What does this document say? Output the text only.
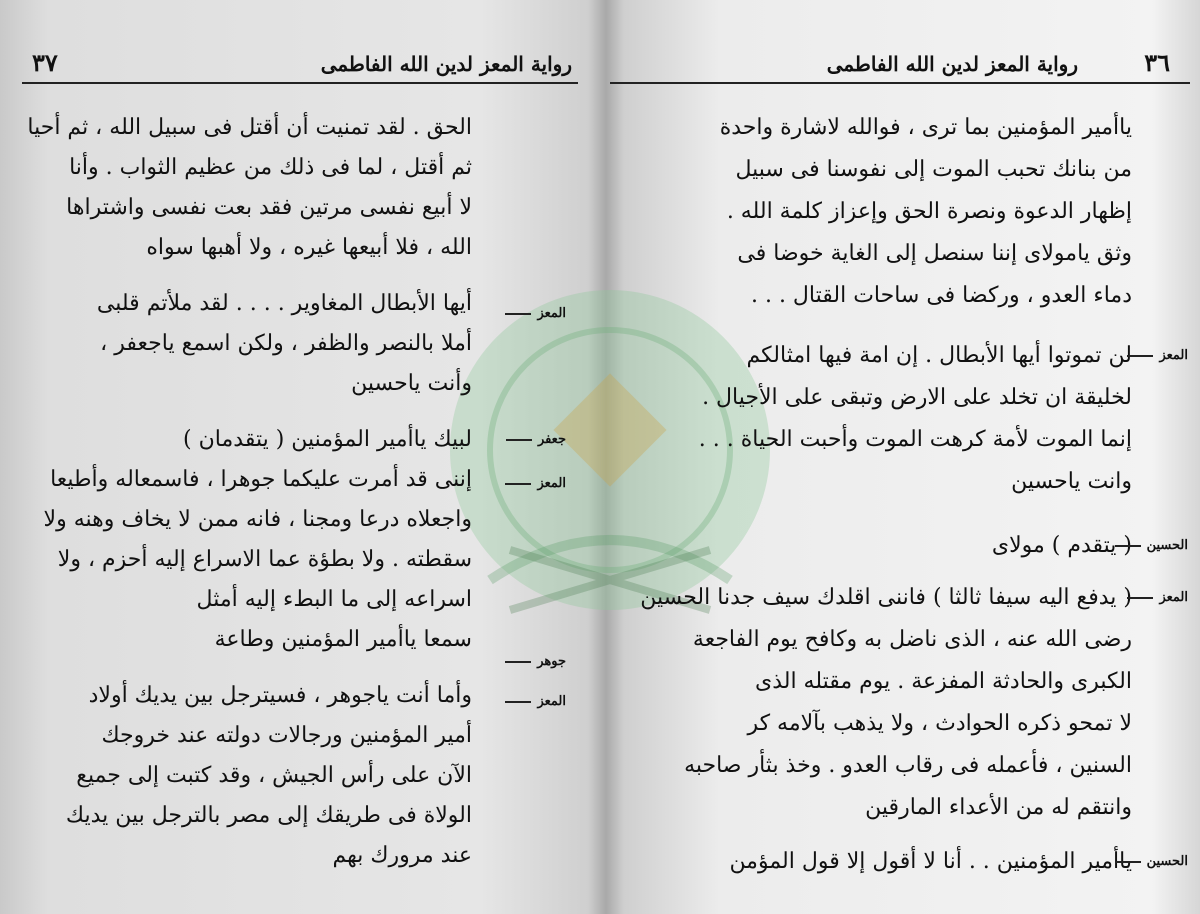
رواية المعز لدين الله الفاطمى
٣٧
الحق . لقد تمنيت أن أقتل فى سبيل الله ، ثم أحيا
ثم أقتل ، لما فى ذلك من عظيم الثواب . وأنا
لا أبيع نفسى مرتين فقد بعت نفسى واشتراها
الله ، فلا أبيعها غيره ، ولا أهبها سواه
أيها الأبطال المغاوير . . . . لقد ملأتم قلبى
أملا بالنصر والظفر ، ولكن اسمع ياجعفر ،
وأنت ياحسين
لبيك ياأمير المؤمنين ( يتقدمان )
إننى قد أمرت عليكما جوهرا ، فاسمعاله وأطيعا
واجعلاه درعا ومجنا ، فانه ممن لا يخاف وهنه ولا
سقطته . ولا بطؤة عما الاسراع إليه أحزم ، ولا
اسراعه إلى ما البطء إليه أمثل
سمعا ياأمير المؤمنين وطاعة
وأما أنت ياجوهر ، فسيترجل بين يديك أولاد
أمير المؤمنين ورجالات دولته عند خروجك
الآن على رأس الجيش ، وقد كتبت إلى جميع
الولاة فى طريقك إلى مصر بالترجل بين يديك
عند مرورك بهم
المعز
جعفر
المعز
جوهر
المعز
رواية المعز لدين الله الفاطمى	٣٦
ياأمير المؤمنين بما ترى ، فوالله لاشارة واحدة
من بنانك تحبب الموت إلى نفوسنا فى سبيل
إظهار الدعوة ونصرة الحق وإعزاز كلمة الله .
وثق يامولاى إننا سنصل إلى الغاية خوضا فى
دماء العدو ، وركضا فى ساحات القتال . . .
لن تموتوا أيها الأبطال . إن امة فيها امثالكم
لخليقة ان تخلد على الارض وتبقى على الأجيال .
إنما الموت لأمة كرهت الموت وأحبت الحياة . . .
وانت ياحسين
( يتقدم ) مولاى
( يدفع اليه سيفا ثالثا ) فاننى اقلدك سيف جدنا الحسين
رضى الله عنه ، الذى ناضل به وكافح يوم الفاجعة
الكبرى والحادثة المفزعة . يوم مقتله الذى
لا تمحو ذكره الحوادث ، ولا يذهب بآلامه كر
السنين ، فأعمله فى رقاب العدو . وخذ بثأر صاحبه
وانتقم له من الأعداء المارقين
ياأمير المؤمنين . . أنا لا أقول إلا قول المؤمن
المعز
الحسين
المعز
الحسين
